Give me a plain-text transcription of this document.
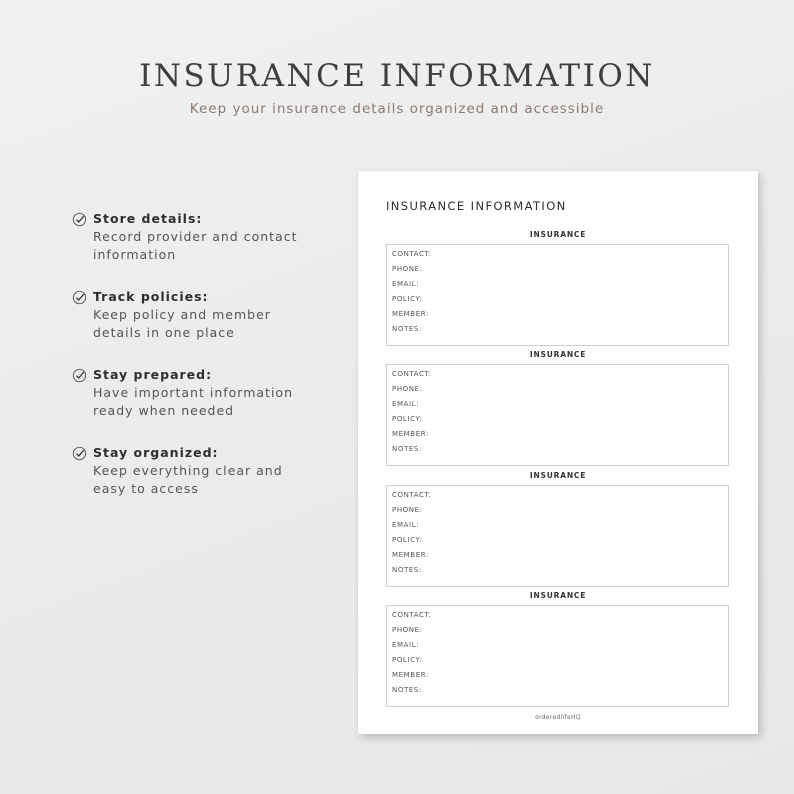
INSURANCE INFORMATION

Keep your insurance details organized and accessible

Store details:
Record provider and contact
information
Track policies:
Keep policy and member
details in one place
Stay prepared:
Have important information
ready when needed
Stay organized:
Keep everything clear and
easy to access
INSURANCE INFORMATION
INSURANCE
CONTACT:
PHONE:
EMAIL:
POLICY:
MEMBER:
NOTES:
INSURANCE
CONTACT:
PHONE:
EMAIL:
POLICY:
MEMBER:
NOTES:
INSURANCE
CONTACT:
PHONE:
EMAIL:
POLICY:
MEMBER:
NOTES:
INSURANCE
CONTACT:
PHONE:
EMAIL:
POLICY:
MEMBER:
NOTES:
orderedlifeHQ
